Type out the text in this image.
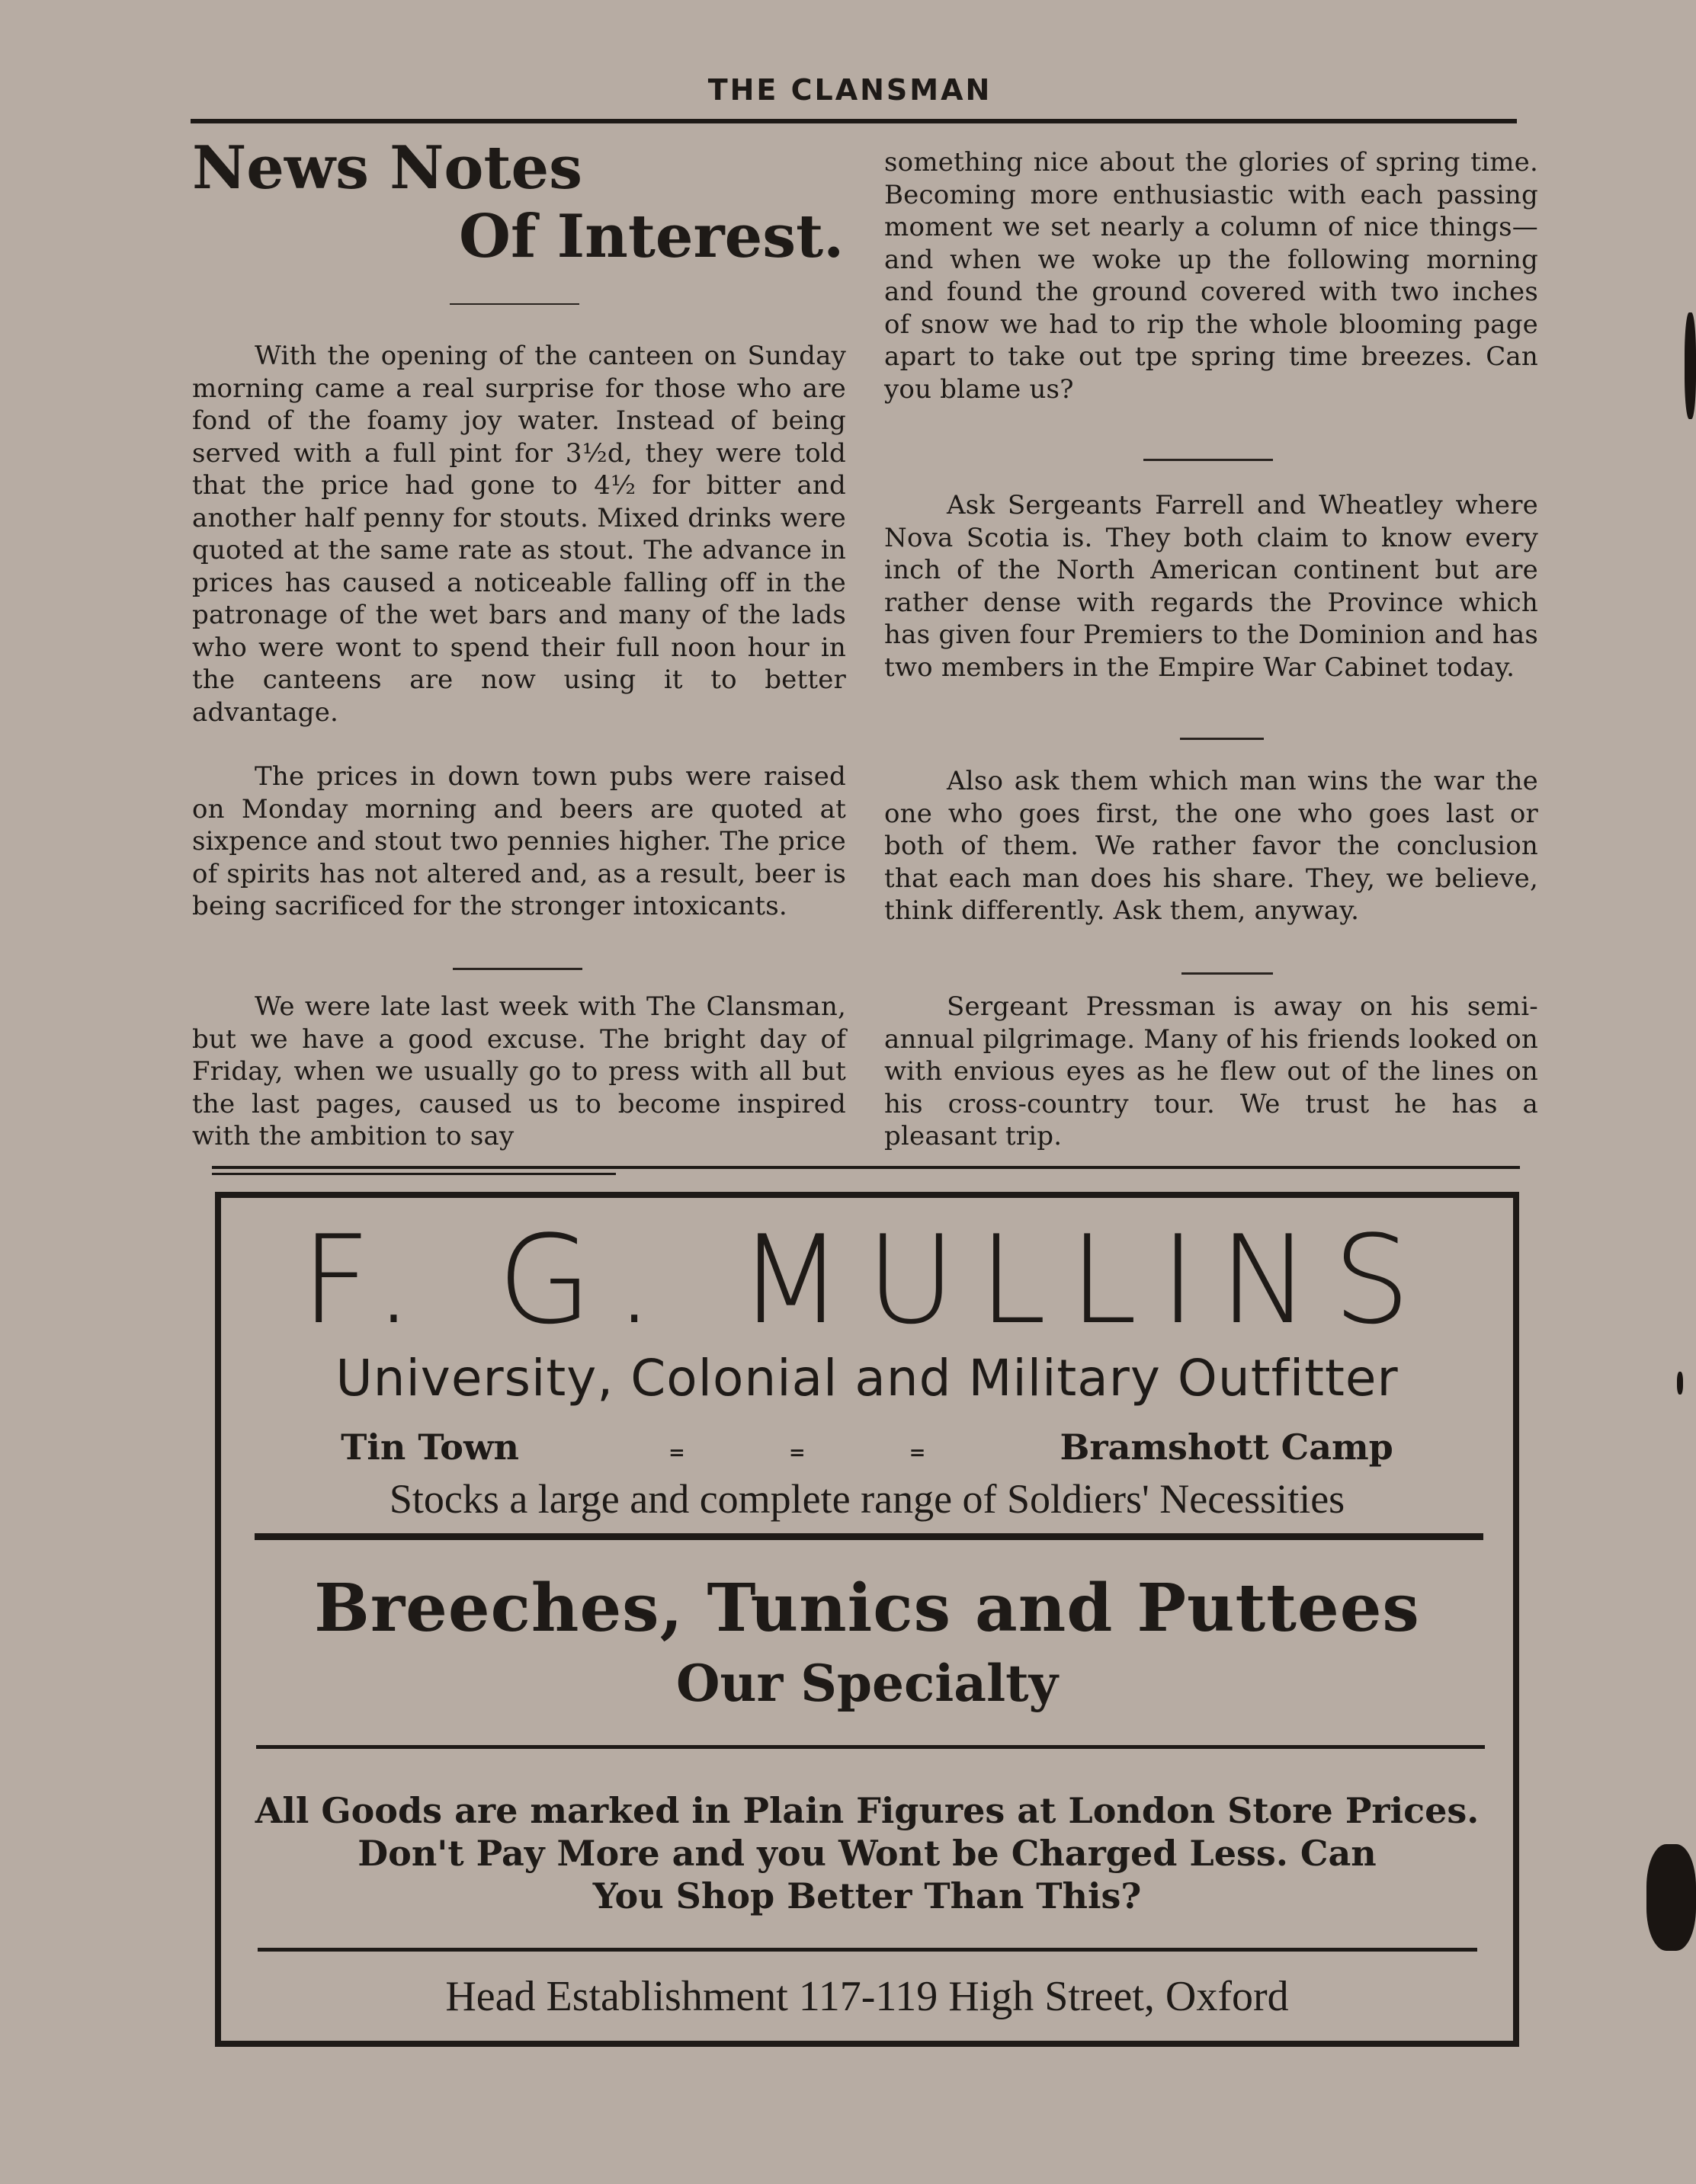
THE CLANSMAN
News Notes
Of Interest.

With the opening of the canteen on Sunday morning came a real surprise for those who are fond of the foamy joy water. Instead of being served with a full pint for 3½d, they were told that the price had gone to 4½ for bitter and another half penny for stouts. Mixed drinks were quoted at the same rate as stout. The advance in prices has caused a noticeable falling off in the patronage of the wet bars and many of the lads who were wont to spend their full noon hour in the canteens are now using it to better advantage.

The prices in down town pubs were raised on Monday morning and beers are quoted at sixpence and stout two pennies higher. The price of spirits has not altered and, as a result, beer is being sacrificed for the stronger intoxicants.

We were late last week with The Clansman, but we have a good excuse. The bright day of Friday, when we usually go to press with all but the last pages, caused us to become inspired with the ambition to say

something nice about the glories of spring time. Becoming more enthusiastic with each passing moment we set nearly a column of nice things—and when we woke up the following morning and found the ground covered with two inches of snow we had to rip the whole blooming page apart to take out tpe spring time breezes. Can you blame us?

Ask Sergeants Farrell and Wheatley where Nova Scotia is. They both claim to know every inch of the North American continent but are rather dense with regards the Province which has given four Premiers to the Dominion and has two members in the Empire War Cabinet today.

Also ask them which man wins the war the one who goes first, the one who goes last or both of them. We rather favor the conclusion that each man does his share. They, we believe, think differently. Ask them, anyway.

Sergeant Pressman is away on his semi-annual pilgrimage. Many of his friends looked on with envious eyes as he flew out of the lines on his cross-country tour. We trust he has a pleasant trip.

F. G. MULLINS
University, Colonial and Military Outfitter
Tin Town	=	=	=	Bramshott Camp
Stocks a large and complete range of Soldiers' Necessities
Breeches, Tunics and Puttees
Our Specialty
All Goods are marked in Plain Figures at London Store Prices.
Don't Pay More and you Wont be Charged Less. Can
You Shop Better Than This?
Head Establishment 117-119 High Street, Oxford
